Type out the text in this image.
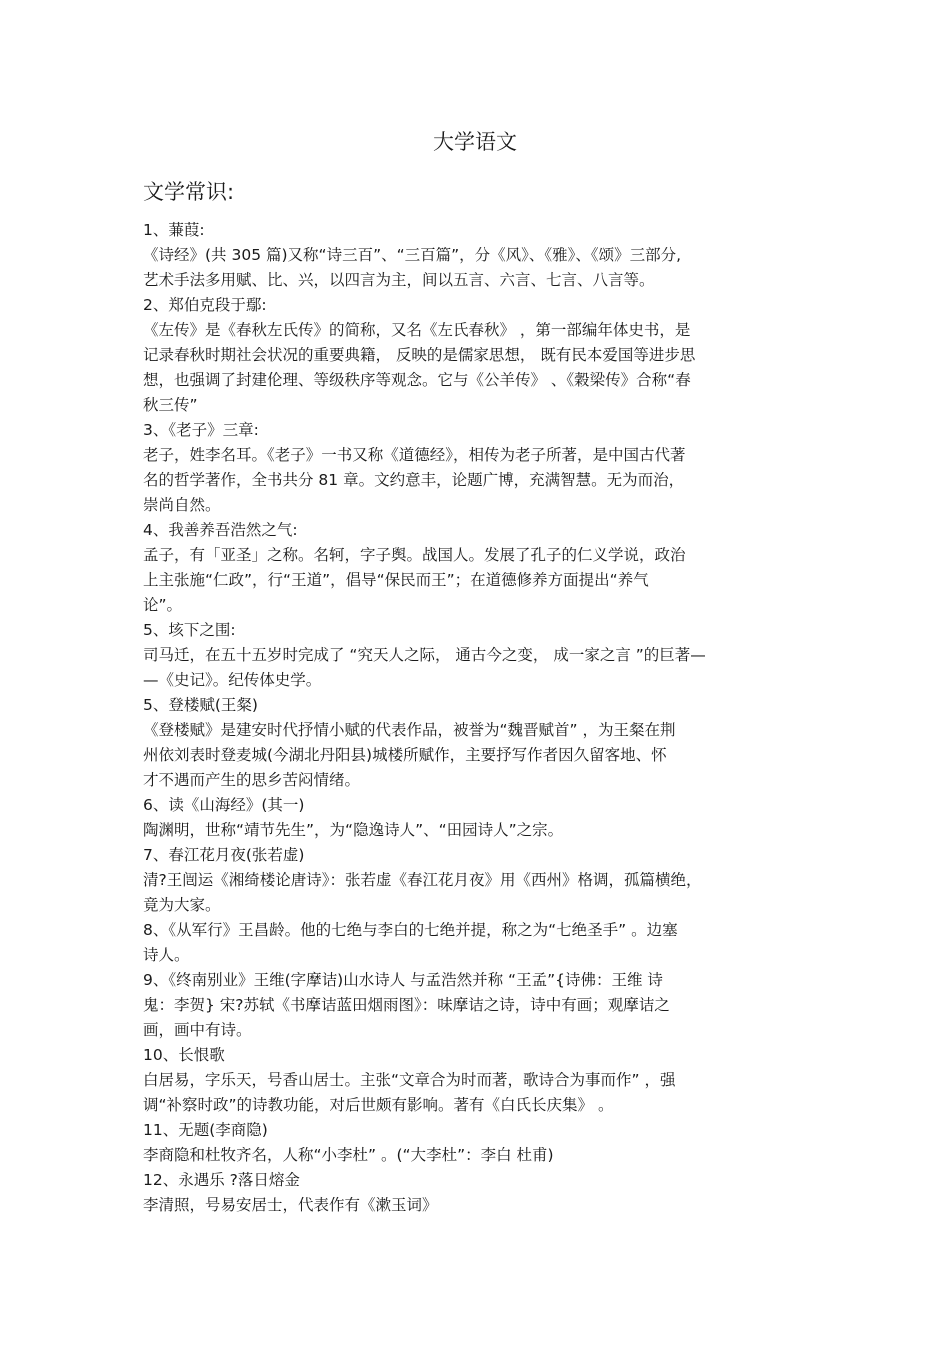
大学语文
文学常识:
1、蒹葭:
《诗经》(共 305 篇)又称“诗三百”、“三百篇”，分《风》、《雅》、《颂》三部分,
艺术手法多用赋、比、兴，以四言为主，间以五言、六言、七言、八言等。
2、郑伯克段于鄢:
《左传》是《春秋左氏传》的简称，又名《左氏春秋》 ，第一部编年体史书，是
记录春秋时期社会状况的重要典籍， 反映的是儒家思想， 既有民本爱国等进步思
想，也强调了封建伦理、等级秩序等观念。它与《公羊传》 、《穀梁传》合称“春
秋三传”
3、《老子》三章:
老子，姓李名耳。《老子》一书又称《道德经》，相传为老子所著，是中国古代著
名的哲学著作，全书共分 81 章。文约意丰，论题广博，充满智慧。无为而治，
崇尚自然。
4、我善养吾浩然之气:
孟子，有「亚圣」之称。名轲，字子舆。战国人。发展了孔子的仁义学说，政治
上主张施“仁政”，行“王道”，倡导“保民而王”；在道德修养方面提出“养气
论”。
5、垓下之围:
司马迁，在五十五岁时完成了 “究天人之际， 通古今之变， 成一家之言 ”的巨著—
—《史记》。纪传体史学。
5、登楼赋(王粲)
《登楼赋》是建安时代抒情小赋的代表作品，被誉为“魏晋赋首” ，为王粲在荆
州依刘表时登麦城(今湖北丹阳县)城楼所赋作，主要抒写作者因久留客地、怀
才不遇而产生的思乡苦闷情绪。
6、读《山海经》(其一)
陶渊明，世称“靖节先生”，为“隐逸诗人”、“田园诗人”之宗。
7、春江花月夜(张若虚)
清?王闿运《湘绮楼论唐诗》：张若虚《春江花月夜》用《西州》格调，孤篇横绝，
竟为大家。
8、《从军行》王昌龄。他的七绝与李白的七绝并提，称之为“七绝圣手” 。边塞
诗人。
9、《终南别业》王维(字摩诘)山水诗人 与孟浩然并称 “王孟”{诗佛：王维 诗
鬼：李贺} 宋?苏轼《书摩诘蓝田烟雨图》：味摩诘之诗，诗中有画；观摩诘之
画，画中有诗。
10、长恨歌
白居易，字乐天，号香山居士。主张“文章合为时而著，歌诗合为事而作” ，强
调“补察时政”的诗教功能，对后世颇有影响。著有《白氏长庆集》 。
11、无题(李商隐)
李商隐和杜牧齐名，人称“小李杜” 。(“大李杜”：李白 杜甫)
12、永遇乐 ?落日熔金
李清照，号易安居士，代表作有《漱玉词》
